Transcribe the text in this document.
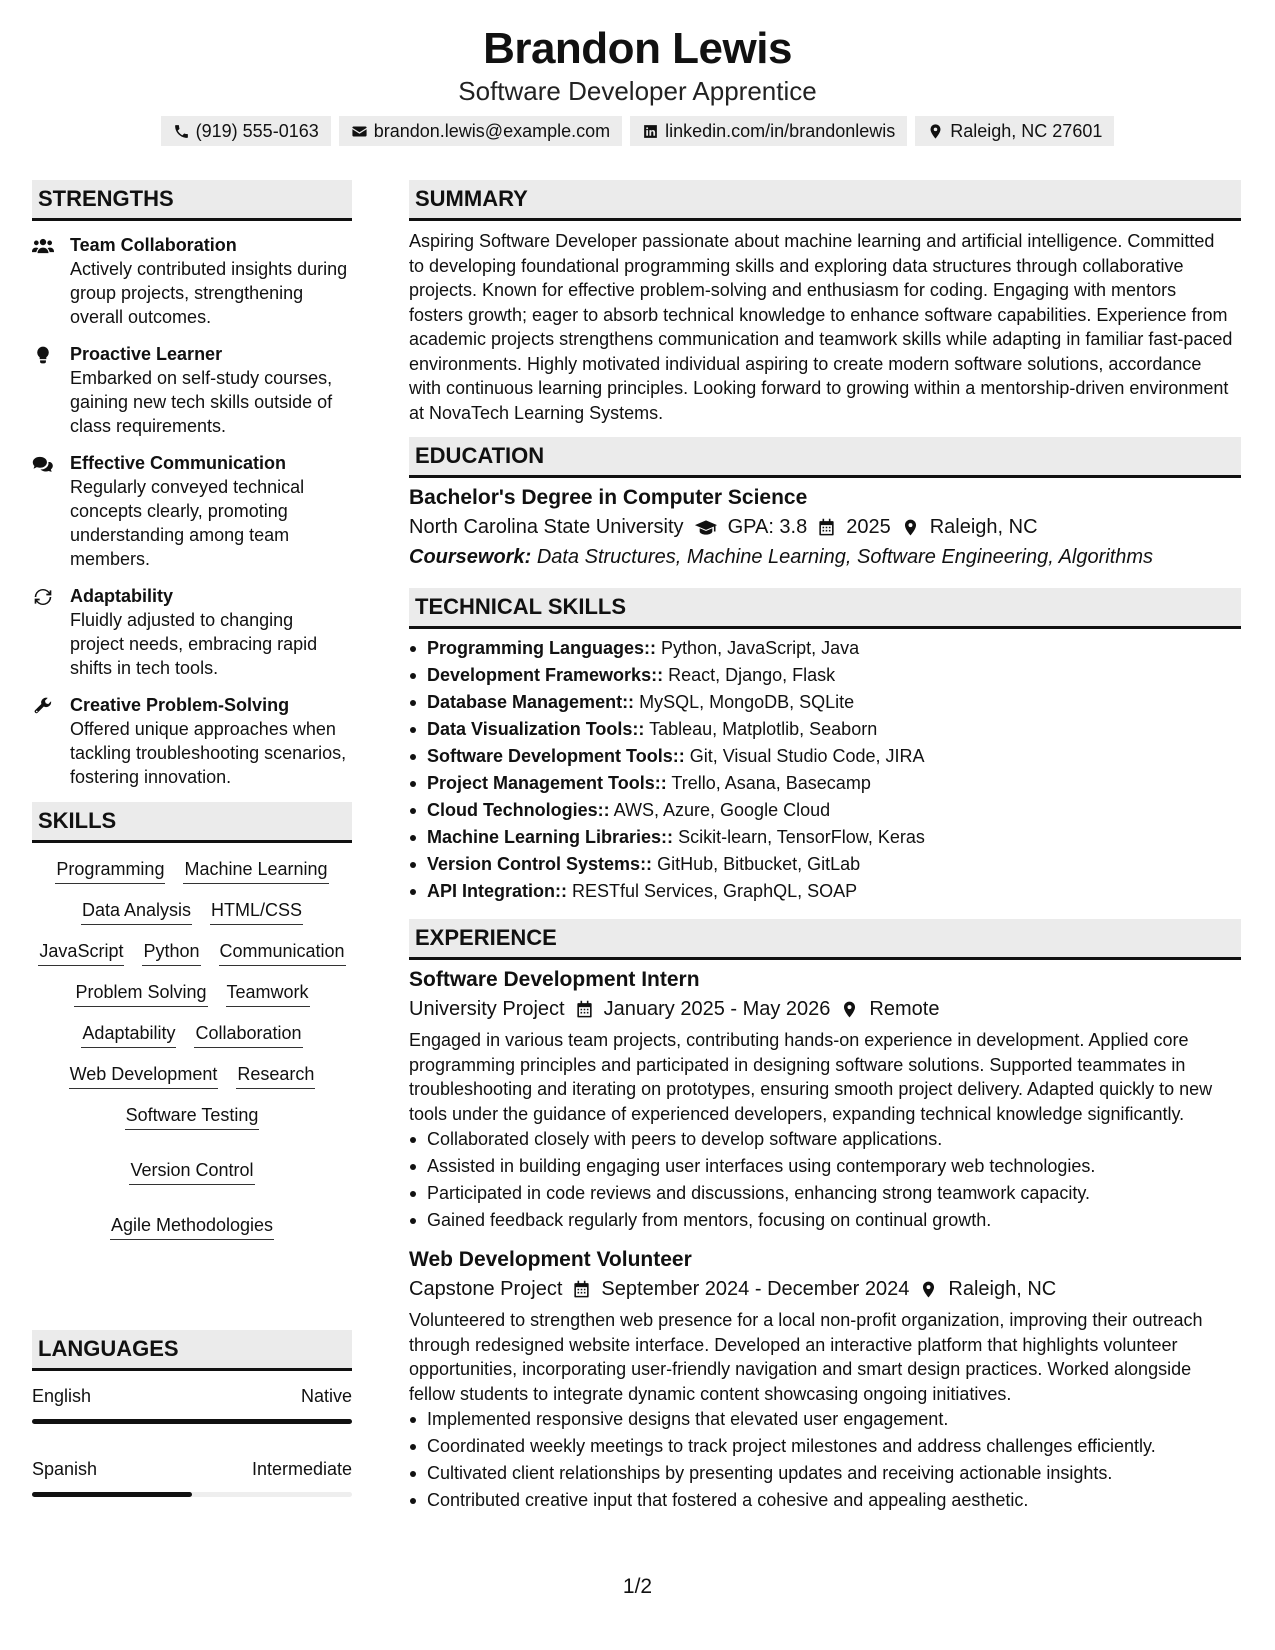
Brandon Lewis
Software Developer Apprentice
(919) 555-0163	brandon.lewis@example.com	linkedin.com/in/brandonlewis	Raleigh, NC 27601
STRENGTHS
Team Collaboration
Actively contributed insights during group projects, strengthening overall outcomes.
Proactive Learner
Embarked on self-study courses, gaining new tech skills outside of class requirements.
Effective Communication
Regularly conveyed technical concepts clearly, promoting understanding among team members.
Adaptability
Fluidly adjusted to changing project needs, embracing rapid shifts in tech tools.
Creative Problem-Solving
Offered unique approaches when tackling troubleshooting scenarios, fostering innovation.
SKILLS
Programming Machine Learning
Data Analysis HTML/CSS
JavaScript Python Communication
Problem Solving Teamwork
Adaptability Collaboration
Web Development Research
Software Testing
Version Control
Agile Methodologies
LANGUAGES
English	Native
Spanish	Intermediate
SUMMARY
Aspiring Software Developer passionate about machine learning and artificial intelligence. Committed to developing foundational programming skills and exploring data structures through collaborative projects. Known for effective problem-solving and enthusiasm for coding. Engaging with mentors fosters growth; eager to absorb technical knowledge to enhance software capabilities. Experience from academic projects strengthens communication and teamwork skills while adapting in familiar fast-paced environments. Highly motivated individual aspiring to create modern software solutions, accordance with continuous learning principles. Looking forward to growing within a mentorship-driven environment at NovaTech Learning Systems.
EDUCATION
Bachelor's Degree in Computer Science
North Carolina State University GPA: 3.8 2025 Raleigh, NC
Coursework: Data Structures, Machine Learning, Software Engineering, Algorithms
TECHNICAL SKILLS
Programming Languages:: Python, JavaScript, Java
Development Frameworks:: React, Django, Flask
Database Management:: MySQL, MongoDB, SQLite
Data Visualization Tools:: Tableau, Matplotlib, Seaborn
Software Development Tools:: Git, Visual Studio Code, JIRA
Project Management Tools:: Trello, Asana, Basecamp
Cloud Technologies:: AWS, Azure, Google Cloud
Machine Learning Libraries:: Scikit-learn, TensorFlow, Keras
Version Control Systems:: GitHub, Bitbucket, GitLab
API Integration:: RESTful Services, GraphQL, SOAP
EXPERIENCE
Software Development Intern
University Project January 2025 - May 2026 Remote
Engaged in various team projects, contributing hands-on experience in development. Applied core programming principles and participated in designing software solutions. Supported teammates in troubleshooting and iterating on prototypes, ensuring smooth project delivery. Adapted quickly to new tools under the guidance of experienced developers, expanding technical knowledge significantly.
Collaborated closely with peers to develop software applications.
Assisted in building engaging user interfaces using contemporary web technologies.
Participated in code reviews and discussions, enhancing strong teamwork capacity.
Gained feedback regularly from mentors, focusing on continual growth.
Web Development Volunteer
Capstone Project September 2024 - December 2024 Raleigh, NC
Volunteered to strengthen web presence for a local non-profit organization, improving their outreach through redesigned website interface. Developed an interactive platform that highlights volunteer opportunities, incorporating user-friendly navigation and smart design practices. Worked alongside fellow students to integrate dynamic content showcasing ongoing initiatives.
Implemented responsive designs that elevated user engagement.
Coordinated weekly meetings to track project milestones and address challenges efficiently.
Cultivated client relationships by presenting updates and receiving actionable insights.
Contributed creative input that fostered a cohesive and appealing aesthetic.
1/2
